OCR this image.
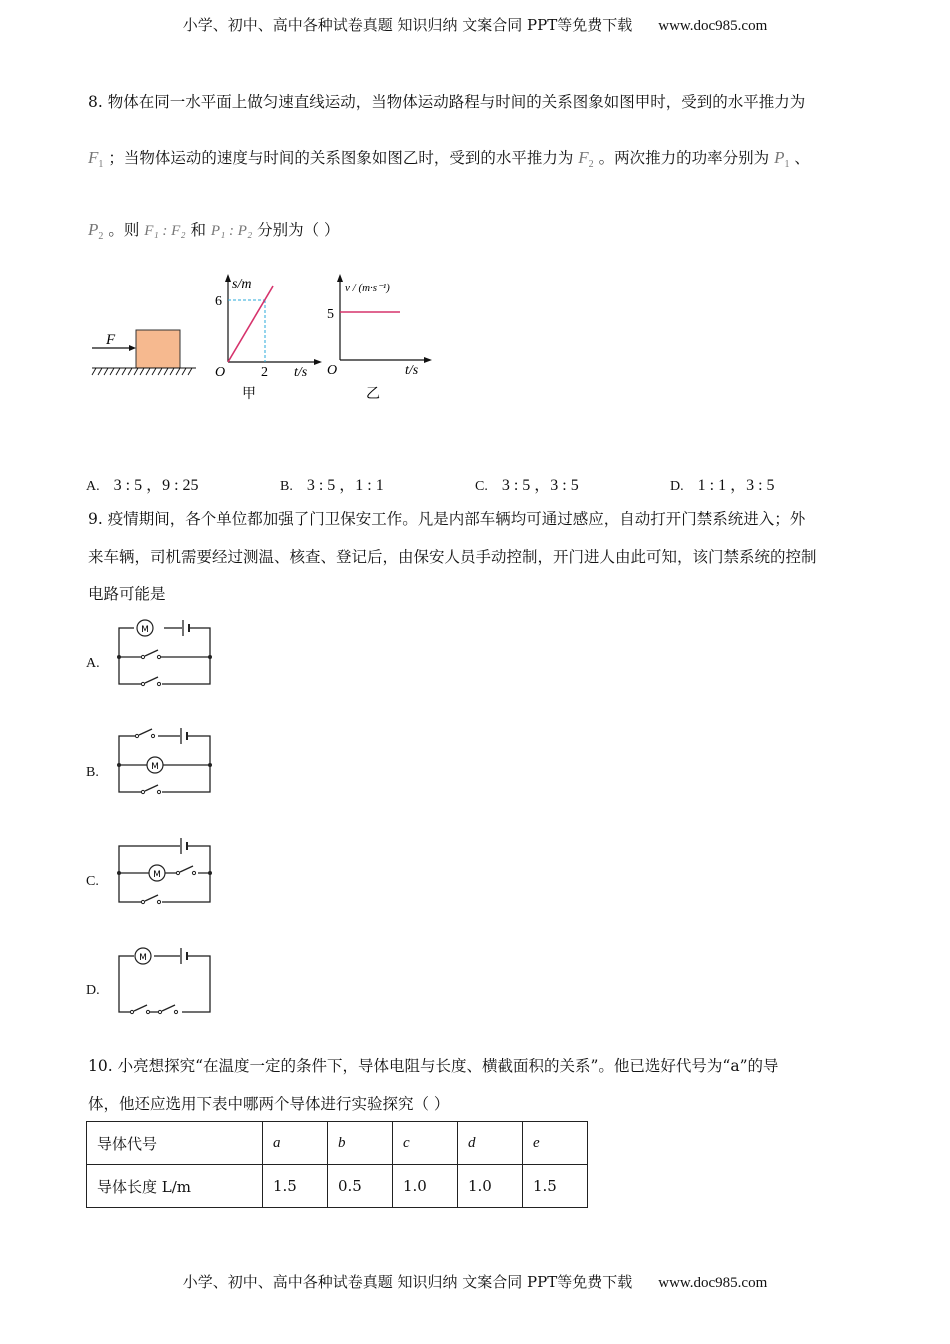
小学、初中、高中各种试卷真题 知识归纳 文案合同 PPT等免费下载 www.doc985.com
8. 物体在同一水平面上做匀速直线运动，当物体运动路程与时间的关系图象如图甲时，受到的水平推力为
$F_1$ ；当物体运动的速度与时间的关系图象如图乙时，受到的水平推力为 $F_2$ 。两次推力的功率分别为 $P_1$ 、
$P_2$ 。则 F₁ : F₂ 和 P₁ : P₂ 分别为（ ）
F
s/m
6
O	2 t/s
甲
v / (m·s⁻¹)
5
O	t/s
乙
A. 3 : 5 ，9 : 25	B. 3 : 5 ，1 : 1	C. 3 : 5 ，3 : 5	D. 1 : 1 ，3 : 5
9. 疫情期间，各个单位都加强了门卫保安工作。凡是内部车辆均可通过感应，自动打开门禁系统进入；外
来车辆，司机需要经过测温、核查、登记后，由保安人员手动控制，开门进人由此可知，该门禁系统的控制
电路可能是
A.
M
B.	M
C.	M
D.
M
10. 小亮想探究“在温度一定的条件下，导体电阻与长度、横截面积的关系”。他已选好代号为“a”的导
体，他还应选用下表中哪两个导体进行实验探究（ ）
导体代号	a	b	c	d	e
导体长度 L/m	1.5	0.5	1.0	1.0	1.5
小学、初中、高中各种试卷真题 知识归纳 文案合同 PPT等免费下载 www.doc985.com
